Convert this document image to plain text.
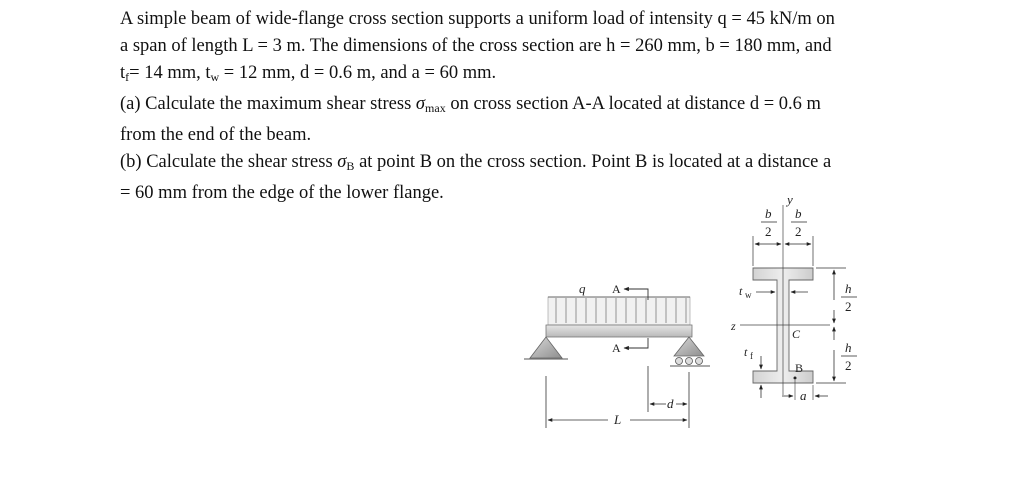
A simple beam of wide-flange cross section supports a uniform load of intensity q = 45 kN/m on
a span of length L = 3 m. The dimensions of the cross section are h = 260 mm, b = 180 mm, and
$t_f= 14$ mm, $t_w = 12$ mm, d = 0.6 m, and a = 60 mm.
(a) Calculate the maximum shear stress $\sigma_{max}$ on cross section A-A located at distance d = 0.6 m
from the end of the beam.
(b) Calculate the shear stress $\sigma_B$ at point B on the cross section. Point B is located at a distance a
= 60 mm from the edge of the lower flange.

q A
A
d
L
y
z
b
2
b
2
t w
C
t f
B
h
2
h
2
a
